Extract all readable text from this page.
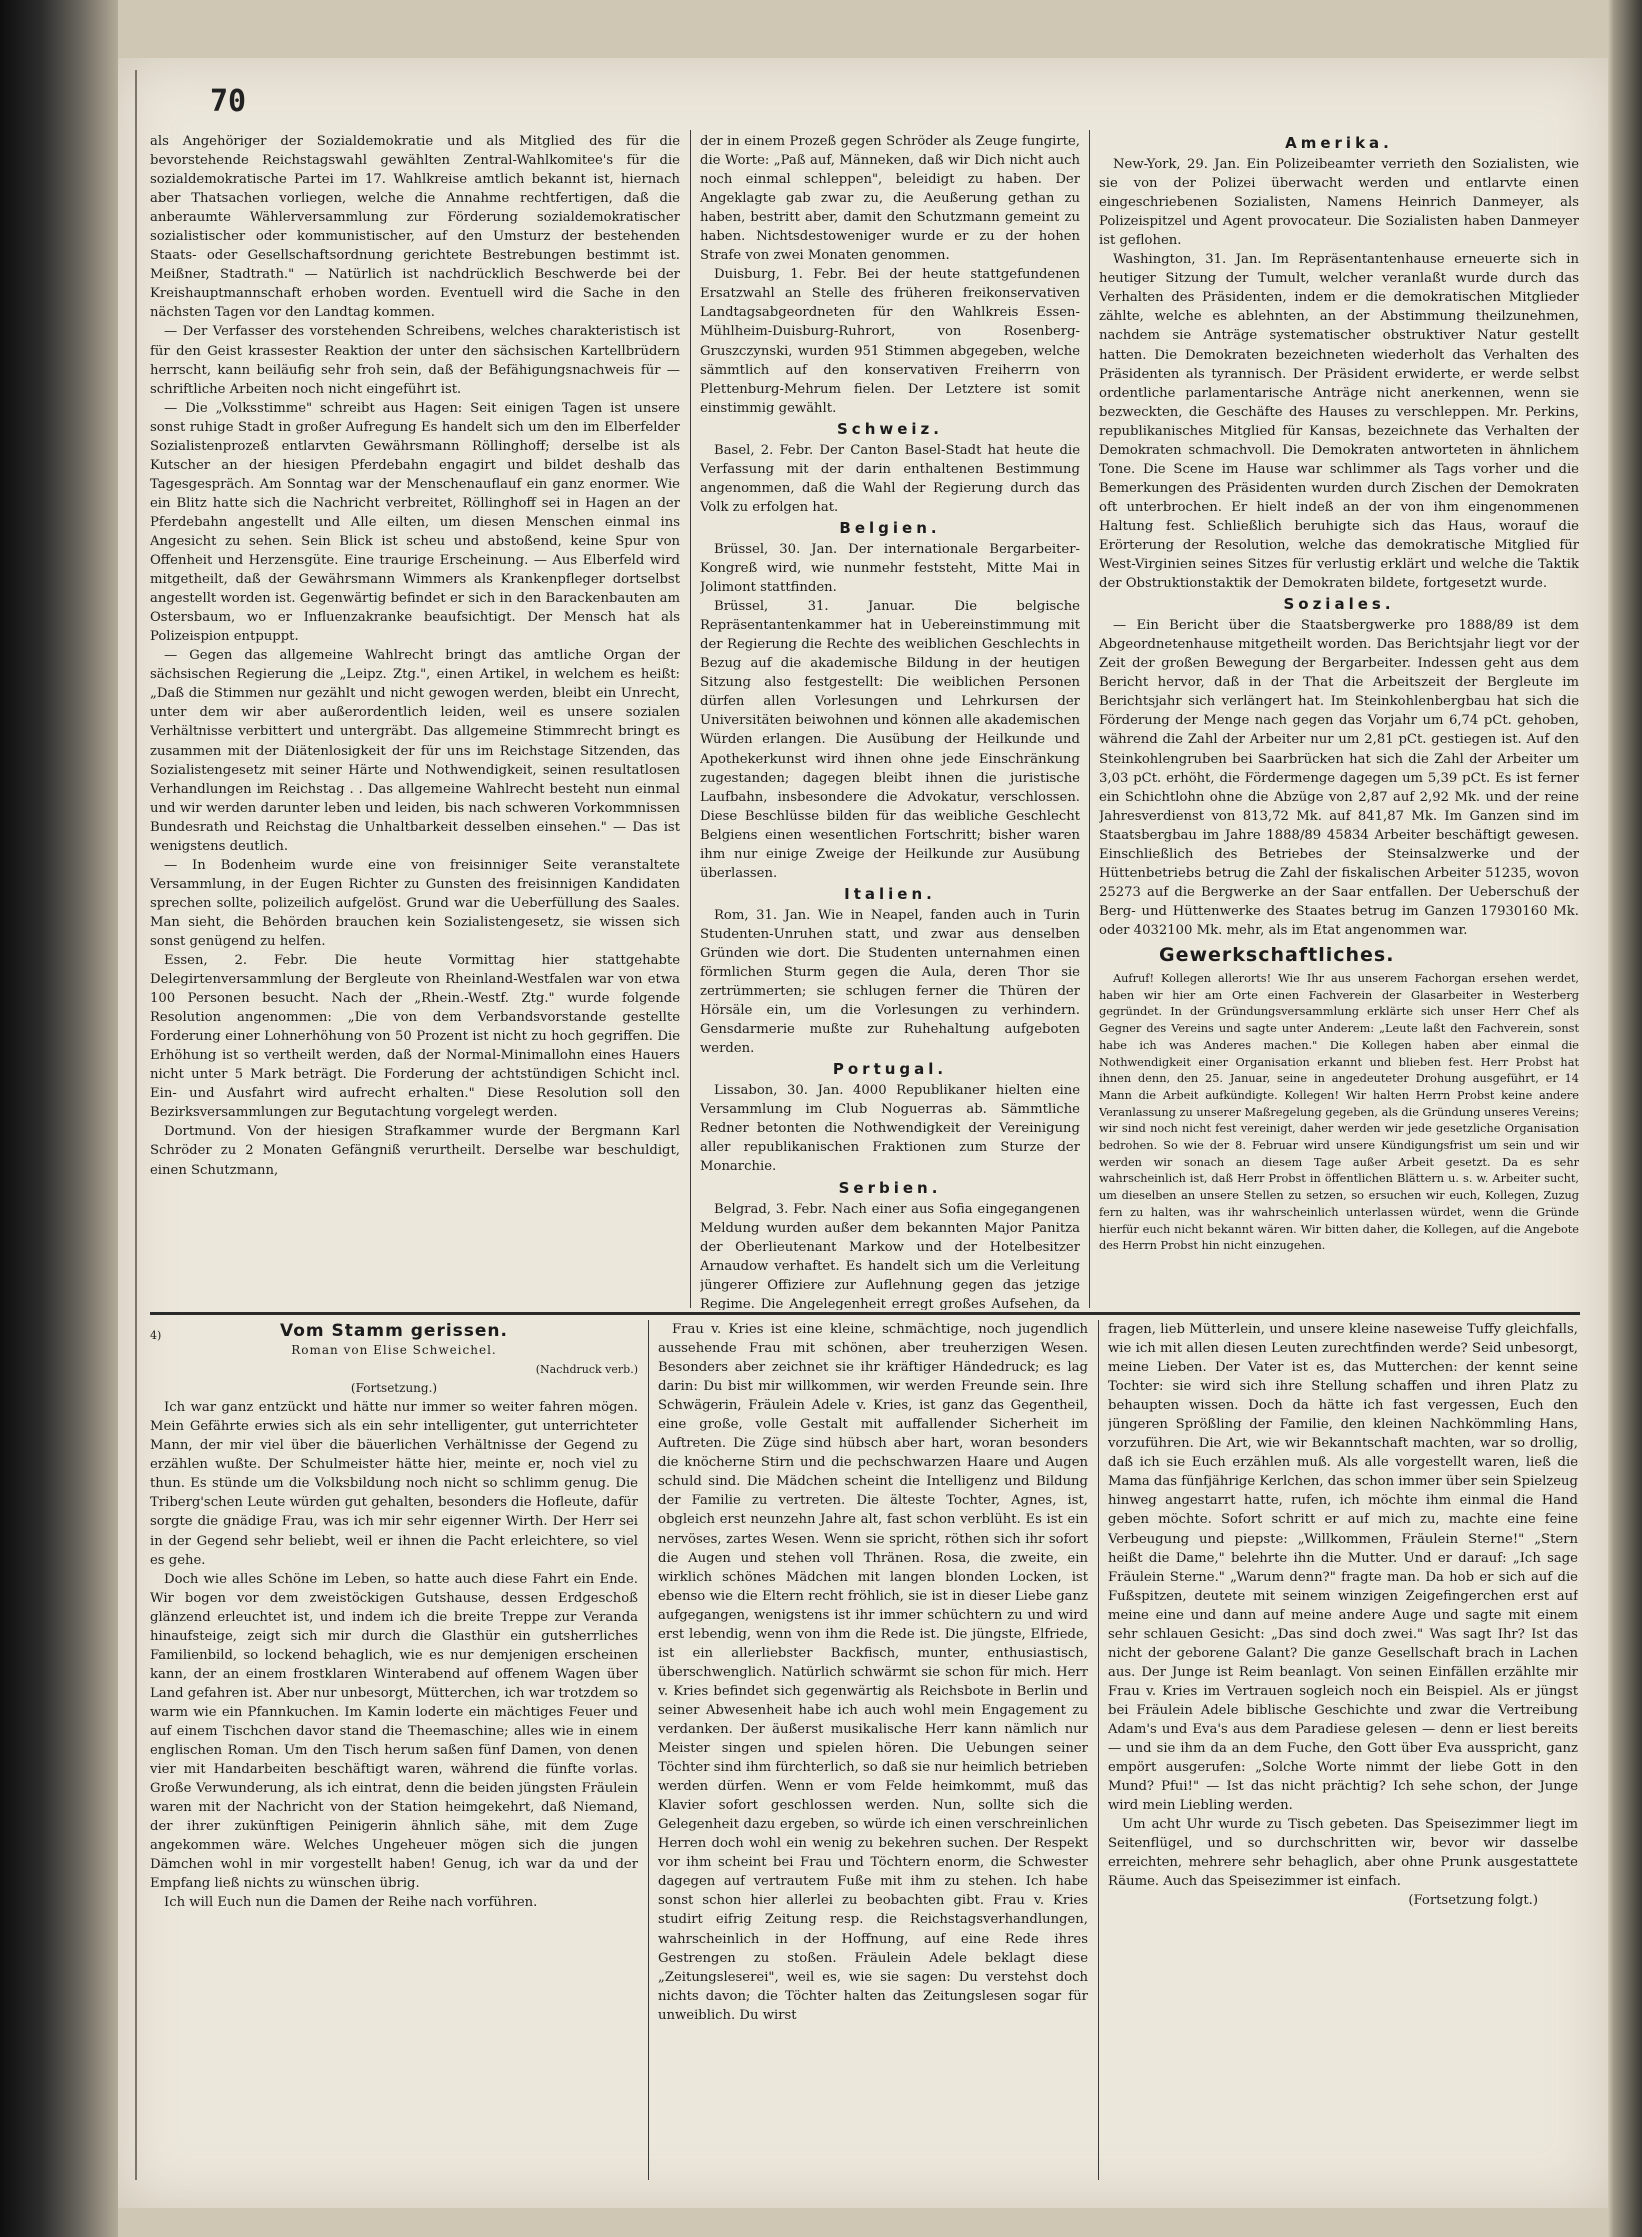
70

als Angehöriger der Sozialdemokratie und als Mitglied des für die bevorstehende Reichstagswahl gewählten Zentral-Wahlkomitee's für die sozialdemokratische Partei im 17. Wahlkreise amtlich bekannt ist, hiernach aber Thatsachen vorliegen, welche die Annahme rechtfertigen, daß die anberaumte Wählerversammlung zur Förderung sozialdemokratischer sozialistischer oder kommunistischer, auf den Umsturz der bestehenden Staats- oder Gesellschaftsordnung gerichtete Bestrebungen bestimmt ist. Meißner, Stadtrath." — Natürlich ist nachdrücklich Beschwerde bei der Kreishauptmannschaft erhoben worden. Eventuell wird die Sache in den nächsten Tagen vor den Landtag kommen.

— Der Verfasser des vorstehenden Schreibens, welches charakteristisch ist für den Geist krassester Reaktion der unter den sächsischen Kartellbrüdern herrscht, kann beiläufig sehr froh sein, daß der Befähigungsnachweis für — schriftliche Arbeiten noch nicht eingeführt ist.

— Die „Volksstimme" schreibt aus Hagen: Seit einigen Tagen ist unsere sonst ruhige Stadt in großer Aufregung Es handelt sich um den im Elberfelder Sozialistenprozeß entlarvten Gewährsmann Röllinghoff; derselbe ist als Kutscher an der hiesigen Pferdebahn engagirt und bildet deshalb das Tagesgespräch. Am Sonntag war der Menschenauflauf ein ganz enormer. Wie ein Blitz hatte sich die Nachricht verbreitet, Röllinghoff sei in Hagen an der Pferdebahn angestellt und Alle eilten, um diesen Menschen einmal ins Angesicht zu sehen. Sein Blick ist scheu und abstoßend, keine Spur von Offenheit und Herzensgüte. Eine traurige Erscheinung. — Aus Elberfeld wird mitgetheilt, daß der Gewährsmann Wimmers als Krankenpfleger dortselbst angestellt worden ist. Gegenwärtig befindet er sich in den Barackenbauten am Ostersbaum, wo er Influenzakranke beaufsichtigt. Der Mensch hat als Polizeispion entpuppt.

— Gegen das allgemeine Wahlrecht bringt das amtliche Organ der sächsischen Regierung die „Leipz. Ztg.", einen Artikel, in welchem es heißt: „Daß die Stimmen nur gezählt und nicht gewogen werden, bleibt ein Unrecht, unter dem wir aber außerordentlich leiden, weil es unsere sozialen Verhältnisse verbittert und untergräbt. Das allgemeine Stimmrecht bringt es zusammen mit der Diätenlosigkeit der für uns im Reichstage Sitzenden, das Sozialistengesetz mit seiner Härte und Nothwendigkeit, seinen resultatlosen Verhandlungen im Reichstag . . Das allgemeine Wahlrecht besteht nun einmal und wir werden darunter leben und leiden, bis nach schweren Vorkommnissen Bundesrath und Reichstag die Unhaltbarkeit desselben einsehen." — Das ist wenigstens deutlich.

— In Bodenheim wurde eine von freisinniger Seite veranstaltete Versammlung, in der Eugen Richter zu Gunsten des freisinnigen Kandidaten sprechen sollte, polizeilich aufgelöst. Grund war die Ueberfüllung des Saales. Man sieht, die Behörden brauchen kein Sozialistengesetz, sie wissen sich sonst genügend zu helfen.

Essen, 2. Febr. Die heute Vormittag hier stattgehabte Delegirtenversammlung der Bergleute von Rheinland-Westfalen war von etwa 100 Personen besucht. Nach der „Rhein.-Westf. Ztg." wurde folgende Resolution angenommen: „Die von dem Verbandsvorstande gestellte Forderung einer Lohnerhöhung von 50 Prozent ist nicht zu hoch gegriffen. Die Erhöhung ist so vertheilt werden, daß der Normal-Minimallohn eines Hauers nicht unter 5 Mark beträgt. Die Forderung der achtstündigen Schicht incl. Ein- und Ausfahrt wird aufrecht erhalten." Diese Resolution soll den Bezirksversammlungen zur Begutachtung vorgelegt werden.

Dortmund. Von der hiesigen Strafkammer wurde der Bergmann Karl Schröder zu 2 Monaten Gefängniß verurtheilt. Derselbe war beschuldigt, einen Schutzmann,

der in einem Prozeß gegen Schröder als Zeuge fungirte, die Worte: „Paß auf, Männeken, daß wir Dich nicht auch noch einmal schleppen", beleidigt zu haben. Der Angeklagte gab zwar zu, die Aeußerung gethan zu haben, bestritt aber, damit den Schutzmann gemeint zu haben. Nichtsdestoweniger wurde er zu der hohen Strafe von zwei Monaten genommen.

Duisburg, 1. Febr. Bei der heute stattgefundenen Ersatzwahl an Stelle des früheren freikonservativen Landtagsabgeordneten für den Wahlkreis Essen-Mühlheim-Duisburg-Ruhrort, von Rosenberg-Gruszczynski, wurden 951 Stimmen abgegeben, welche sämmtlich auf den konservativen Freiherrn von Plettenburg-Mehrum fielen. Der Letztere ist somit einstimmig gewählt.

Schweiz.

Basel, 2. Febr. Der Canton Basel-Stadt hat heute die Verfassung mit der darin enthaltenen Bestimmung angenommen, daß die Wahl der Regierung durch das Volk zu erfolgen hat.

Belgien.

Brüssel, 30. Jan. Der internationale Bergarbeiter-Kongreß wird, wie nunmehr feststeht, Mitte Mai in Jolimont stattfinden.

Brüssel, 31. Januar. Die belgische Repräsentantenkammer hat in Uebereinstimmung mit der Regierung die Rechte des weiblichen Geschlechts in Bezug auf die akademische Bildung in der heutigen Sitzung also festgestellt: Die weiblichen Personen dürfen allen Vorlesungen und Lehrkursen der Universitäten beiwohnen und können alle akademischen Würden erlangen. Die Ausübung der Heilkunde und Apothekerkunst wird ihnen ohne jede Einschränkung zugestanden; dagegen bleibt ihnen die juristische Laufbahn, insbesondere die Advokatur, verschlossen. Diese Beschlüsse bilden für das weibliche Geschlecht Belgiens einen wesentlichen Fortschritt; bisher waren ihm nur einige Zweige der Heilkunde zur Ausübung überlassen.

Italien.

Rom, 31. Jan. Wie in Neapel, fanden auch in Turin Studenten-Unruhen statt, und zwar aus denselben Gründen wie dort. Die Studenten unternahmen einen förmlichen Sturm gegen die Aula, deren Thor sie zertrümmerten; sie schlugen ferner die Thüren der Hörsäle ein, um die Vorlesungen zu verhindern. Gensdarmerie mußte zur Ruhehaltung aufgeboten werden.

Portugal.

Lissabon, 30. Jan. 4000 Republikaner hielten eine Versammlung im Club Noguerras ab. Sämmtliche Redner betonten die Nothwendigkeit der Vereinigung aller republikanischen Fraktionen zum Sturze der Monarchie.

Serbien.

Belgrad, 3. Febr. Nach einer aus Sofia eingegangenen Meldung wurden außer dem bekannten Major Panitza der Oberlieutenant Markow und der Hotelbesitzer Arnaudow verhaftet. Es handelt sich um die Verleitung jüngerer Offiziere zur Auflehnung gegen das jetzige Regime. Die Angelegenheit erregt großes Aufsehen, da

Amerika.

New-York, 29. Jan. Ein Polizeibeamter verrieth den Sozialisten, wie sie von der Polizei überwacht werden und entlarvte einen eingeschriebenen Sozialisten, Namens Heinrich Danmeyer, als Polizeispitzel und Agent provocateur. Die Sozialisten haben Danmeyer ist geflohen.

Washington, 31. Jan. Im Repräsentantenhause erneuerte sich in heutiger Sitzung der Tumult, welcher veranlaßt wurde durch das Verhalten des Präsidenten, indem er die demokratischen Mitglieder zählte, welche es ablehnten, an der Abstimmung theilzunehmen, nachdem sie Anträge systematischer obstruktiver Natur gestellt hatten. Die Demokraten bezeichneten wiederholt das Verhalten des Präsidenten als tyrannisch. Der Präsident erwiderte, er werde selbst ordentliche parlamentarische Anträge nicht anerkennen, wenn sie bezweckten, die Geschäfte des Hauses zu verschleppen. Mr. Perkins, republikanisches Mitglied für Kansas, bezeichnete das Verhalten der Demokraten schmachvoll. Die Demokraten antworteten in ähnlichem Tone. Die Scene im Hause war schlimmer als Tags vorher und die Bemerkungen des Präsidenten wurden durch Zischen der Demokraten oft unterbrochen. Er hielt indeß an der von ihm eingenommenen Haltung fest. Schließlich beruhigte sich das Haus, worauf die Erörterung der Resolution, welche das demokratische Mitglied für West-Virginien seines Sitzes für verlustig erklärt und welche die Taktik der Obstruktionstaktik der Demokraten bildete, fortgesetzt wurde.

Soziales.

— Ein Bericht über die Staatsbergwerke pro 1888/89 ist dem Abgeordnetenhause mitgetheilt worden. Das Berichtsjahr liegt vor der Zeit der großen Bewegung der Bergarbeiter. Indessen geht aus dem Bericht hervor, daß in der That die Arbeitszeit der Bergleute im Berichtsjahr sich verlängert hat. Im Steinkohlenbergbau hat sich die Förderung der Menge nach gegen das Vorjahr um 6,74 pCt. gehoben, während die Zahl der Arbeiter nur um 2,81 pCt. gestiegen ist. Auf den Steinkohlengruben bei Saarbrücken hat sich die Zahl der Arbeiter um 3,03 pCt. erhöht, die Fördermenge dagegen um 5,39 pCt. Es ist ferner ein Schichtlohn ohne die Abzüge von 2,87 auf 2,92 Mk. und der reine Jahresverdienst von 813,72 Mk. auf 841,87 Mk. Im Ganzen sind im Staatsbergbau im Jahre 1888/89 45834 Arbeiter beschäftigt gewesen. Einschließlich des Betriebes der Steinsalzwerke und der Hüttenbetriebs betrug die Zahl der fiskalischen Arbeiter 51235, wovon 25273 auf die Bergwerke an der Saar entfallen. Der Ueberschuß der Berg- und Hüttenwerke des Staates betrug im Ganzen 17930160 Mk. oder 4032100 Mk. mehr, als im Etat angenommen war.

Gewerkschaftliches.

Aufruf! Kollegen allerorts! Wie Ihr aus unserem Fachorgan ersehen werdet, haben wir hier am Orte einen Fachverein der Glasarbeiter in Westerberg gegründet. In der Gründungsversammlung erklärte sich unser Herr Chef als Gegner des Vereins und sagte unter Anderem: „Leute laßt den Fachverein, sonst habe ich was Anderes machen." Die Kollegen haben aber einmal die Nothwendigkeit einer Organisation erkannt und blieben fest. Herr Probst hat ihnen denn, den 25. Januar, seine in angedeuteter Drohung ausgeführt, er 14 Mann die Arbeit aufkündigte. Kollegen! Wir halten Herrn Probst keine andere Veranlassung zu unserer Maßregelung gegeben, als die Gründung unseres Vereins; wir sind noch nicht fest vereinigt, daher werden wir jede gesetzliche Organisation bedrohen. So wie der 8. Februar wird unsere Kündigungsfrist um sein und wir werden wir sonach an diesem Tage außer Arbeit gesetzt. Da es sehr wahrscheinlich ist, daß Herr Probst in öffentlichen Blättern u. s. w. Arbeiter sucht, um dieselben an unsere Stellen zu setzen, so ersuchen wir euch, Kollegen, Zuzug fern zu halten, was ihr wahrscheinlich unterlassen würdet, wenn die Gründe hierfür euch nicht bekannt wären. Wir bitten daher, die Kollegen, auf die Angebote des Herrn Probst hin nicht einzugehen.

4)	Vom Stamm gerissen.
Roman von Elise Schweichel.
(Nachdruck verb.)
(Fortsetzung.)

Ich war ganz entzückt und hätte nur immer so weiter fahren mögen. Mein Gefährte erwies sich als ein sehr intelligenter, gut unterrichteter Mann, der mir viel über die bäuerlichen Verhältnisse der Gegend zu erzählen wußte. Der Schulmeister hätte hier, meinte er, noch viel zu thun. Es stünde um die Volksbildung noch nicht so schlimm genug. Die Triberg'schen Leute würden gut gehalten, besonders die Hofleute, dafür sorgte die gnädige Frau, was ich mir sehr eigenner Wirth. Der Herr sei in der Gegend sehr beliebt, weil er ihnen die Pacht erleichtere, so viel es gehe.

Doch wie alles Schöne im Leben, so hatte auch diese Fahrt ein Ende. Wir bogen vor dem zweistöckigen Gutshause, dessen Erdgeschoß glänzend erleuchtet ist, und indem ich die breite Treppe zur Veranda hinaufsteige, zeigt sich mir durch die Glasthür ein gutsherrliches Familienbild, so lockend behaglich, wie es nur demjenigen erscheinen kann, der an einem frostklaren Winterabend auf offenem Wagen über Land gefahren ist. Aber nur unbesorgt, Mütterchen, ich war trotzdem so warm wie ein Pfannkuchen. Im Kamin loderte ein mächtiges Feuer und auf einem Tischchen davor stand die Theemaschine; alles wie in einem englischen Roman. Um den Tisch herum saßen fünf Damen, von denen vier mit Handarbeiten beschäftigt waren, während die fünfte vorlas. Große Verwunderung, als ich eintrat, denn die beiden jüngsten Fräulein waren mit der Nachricht von der Station heimgekehrt, daß Niemand, der ihrer zukünftigen Peinigerin ähnlich sähe, mit dem Zuge angekommen wäre. Welches Ungeheuer mögen sich die jungen Dämchen wohl in mir vorgestellt haben! Genug, ich war da und der Empfang ließ nichts zu wünschen übrig.

Ich will Euch nun die Damen der Reihe nach vorführen.

Frau v. Kries ist eine kleine, schmächtige, noch jugendlich aussehende Frau mit schönen, aber treuherzigen Wesen. Besonders aber zeichnet sie ihr kräftiger Händedruck; es lag darin: Du bist mir willkommen, wir werden Freunde sein. Ihre Schwägerin, Fräulein Adele v. Kries, ist ganz das Gegentheil, eine große, volle Gestalt mit auffallender Sicherheit im Auftreten. Die Züge sind hübsch aber hart, woran besonders die knöcherne Stirn und die pechschwarzen Haare und Augen schuld sind. Die Mädchen scheint die Intelligenz und Bildung der Familie zu vertreten. Die älteste Tochter, Agnes, ist, obgleich erst neunzehn Jahre alt, fast schon verblüht. Es ist ein nervöses, zartes Wesen. Wenn sie spricht, röthen sich ihr sofort die Augen und stehen voll Thränen. Rosa, die zweite, ein wirklich schönes Mädchen mit langen blonden Locken, ist ebenso wie die Eltern recht fröhlich, sie ist in dieser Liebe ganz aufgegangen, wenigstens ist ihr immer schüchtern zu und wird erst lebendig, wenn von ihm die Rede ist. Die jüngste, Elfriede, ist ein allerliebster Backfisch, munter, enthusiastisch, überschwenglich. Natürlich schwärmt sie schon für mich. Herr v. Kries befindet sich gegenwärtig als Reichsbote in Berlin und seiner Abwesenheit habe ich auch wohl mein Engagement zu verdanken. Der äußerst musikalische Herr kann nämlich nur Meister singen und spielen hören. Die Uebungen seiner Töchter sind ihm fürchterlich, so daß sie nur heimlich betrieben werden dürfen. Wenn er vom Felde heimkommt, muß das Klavier sofort geschlossen werden. Nun, sollte sich die Gelegenheit dazu ergeben, so würde ich einen verschreinlichen Herren doch wohl ein wenig zu bekehren suchen. Der Respekt vor ihm scheint bei Frau und Töchtern enorm, die Schwester dagegen auf vertrautem Fuße mit ihm zu stehen. Ich habe sonst schon hier allerlei zu beobachten gibt. Frau v. Kries studirt eifrig Zeitung resp. die Reichstagsverhandlungen, wahrscheinlich in der Hoffnung, auf eine Rede ihres Gestrengen zu stoßen. Fräulein Adele beklagt diese „Zeitungsleserei", weil es, wie sie sagen: Du verstehst doch nichts davon; die Töchter halten das Zeitungslesen sogar für unweiblich. Du wirst

fragen, lieb Mütterlein, und unsere kleine naseweise Tuffy gleichfalls, wie ich mit allen diesen Leuten zurechtfinden werde? Seid unbesorgt, meine Lieben. Der Vater ist es, das Mutterchen: der kennt seine Tochter: sie wird sich ihre Stellung schaffen und ihren Platz zu behaupten wissen. Doch da hätte ich fast vergessen, Euch den jüngeren Sprößling der Familie, den kleinen Nachkömmling Hans, vorzuführen. Die Art, wie wir Bekanntschaft machten, war so drollig, daß ich sie Euch erzählen muß. Als alle vorgestellt waren, ließ die Mama das fünfjährige Kerlchen, das schon immer über sein Spielzeug hinweg angestarrt hatte, rufen, ich möchte ihm einmal die Hand geben möchte. Sofort schritt er auf mich zu, machte eine feine Verbeugung und piepste: „Willkommen, Fräulein Sterne!" „Stern heißt die Dame," belehrte ihn die Mutter. Und er darauf: „Ich sage Fräulein Sterne." „Warum denn?" fragte man. Da hob er sich auf die Fußspitzen, deutete mit seinem winzigen Zeigefingerchen erst auf meine eine und dann auf meine andere Auge und sagte mit einem sehr schlauen Gesicht: „Das sind doch zwei." Was sagt Ihr? Ist das nicht der geborene Galant? Die ganze Gesellschaft brach in Lachen aus. Der Junge ist Reim beanlagt. Von seinen Einfällen erzählte mir Frau v. Kries im Vertrauen sogleich noch ein Beispiel. Als er jüngst bei Fräulein Adele biblische Geschichte und zwar die Vertreibung Adam's und Eva's aus dem Paradiese gelesen — denn er liest bereits — und sie ihm da an dem Fuche, den Gott über Eva ausspricht, ganz empört ausgerufen: „Solche Worte nimmt der liebe Gott in den Mund? Pfui!" — Ist das nicht prächtig? Ich sehe schon, der Junge wird mein Liebling werden.

Um acht Uhr wurde zu Tisch gebeten. Das Speisezimmer liegt im Seitenflügel, und so durchschritten wir, bevor wir dasselbe erreichten, mehrere sehr behaglich, aber ohne Prunk ausgestattete Räume. Auch das Speisezimmer ist einfach.

(Fortsetzung folgt.)
